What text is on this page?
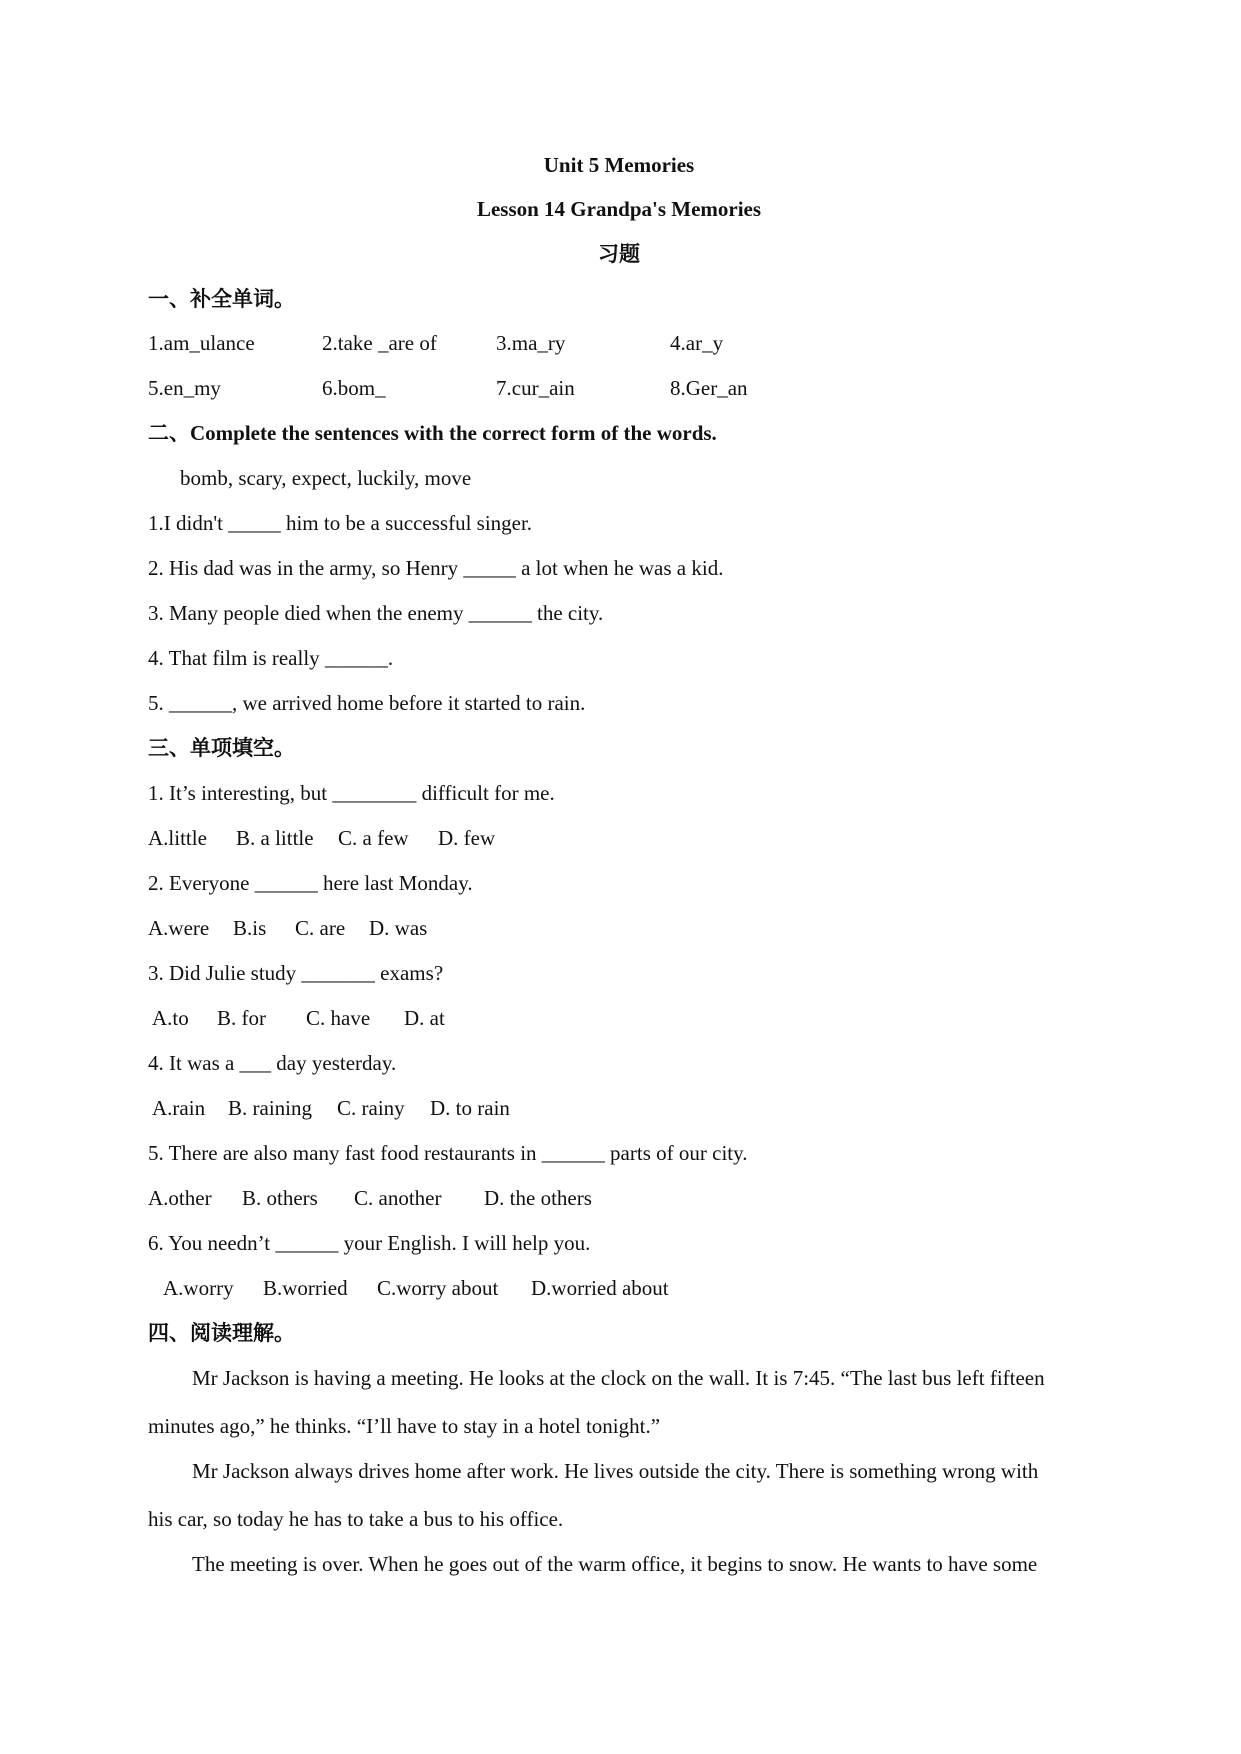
Unit 5 Memories
Lesson 14 Grandpa's Memories
习题
一、补全单词。
1.am_ulance	2.take _are of	3.ma_ry	4.ar_y
5.en_my	6.bom_	7.cur_ain	8.Ger_an
二、Complete the sentences with the correct form of the words.
bomb, scary, expect, luckily, move
1.I didn't _____ him to be a successful singer.
2. His dad was in the army, so Henry _____ a lot when he was a kid.
3. Many people died when the enemy ______ the city.
4. That film is really ______.
5. ______, we arrived home before it started to rain.
三、单项填空。
1. It’s interesting, but ________ difficult for me.
A.little	B. a little	C. a few	D. few
2. Everyone ______ here last Monday.
A.were	B.is	C. are	D. was
3. Did Julie study _______ exams?
A.to	B. for	C. have	D. at
4. It was a ___ day yesterday.
A.rain	B. raining	C. rainy	D. to rain
5. There are also many fast food restaurants in ______ parts of our city.
A.other	B. others	C. another	D. the others
6. You needn’t ______ your English. I will help you.
A.worry	B.worried	C.worry about	D.worried about
四、阅读理解。
Mr Jackson is having a meeting. He looks at the clock on the wall. It is 7:45. “The last bus left fifteen
minutes ago,” he thinks. “I’ll have to stay in a hotel tonight.”
Mr Jackson always drives home after work. He lives outside the city. There is something wrong with
his car, so today he has to take a bus to his office.
The meeting is over. When he goes out of the warm office, it begins to snow. He wants to have some
